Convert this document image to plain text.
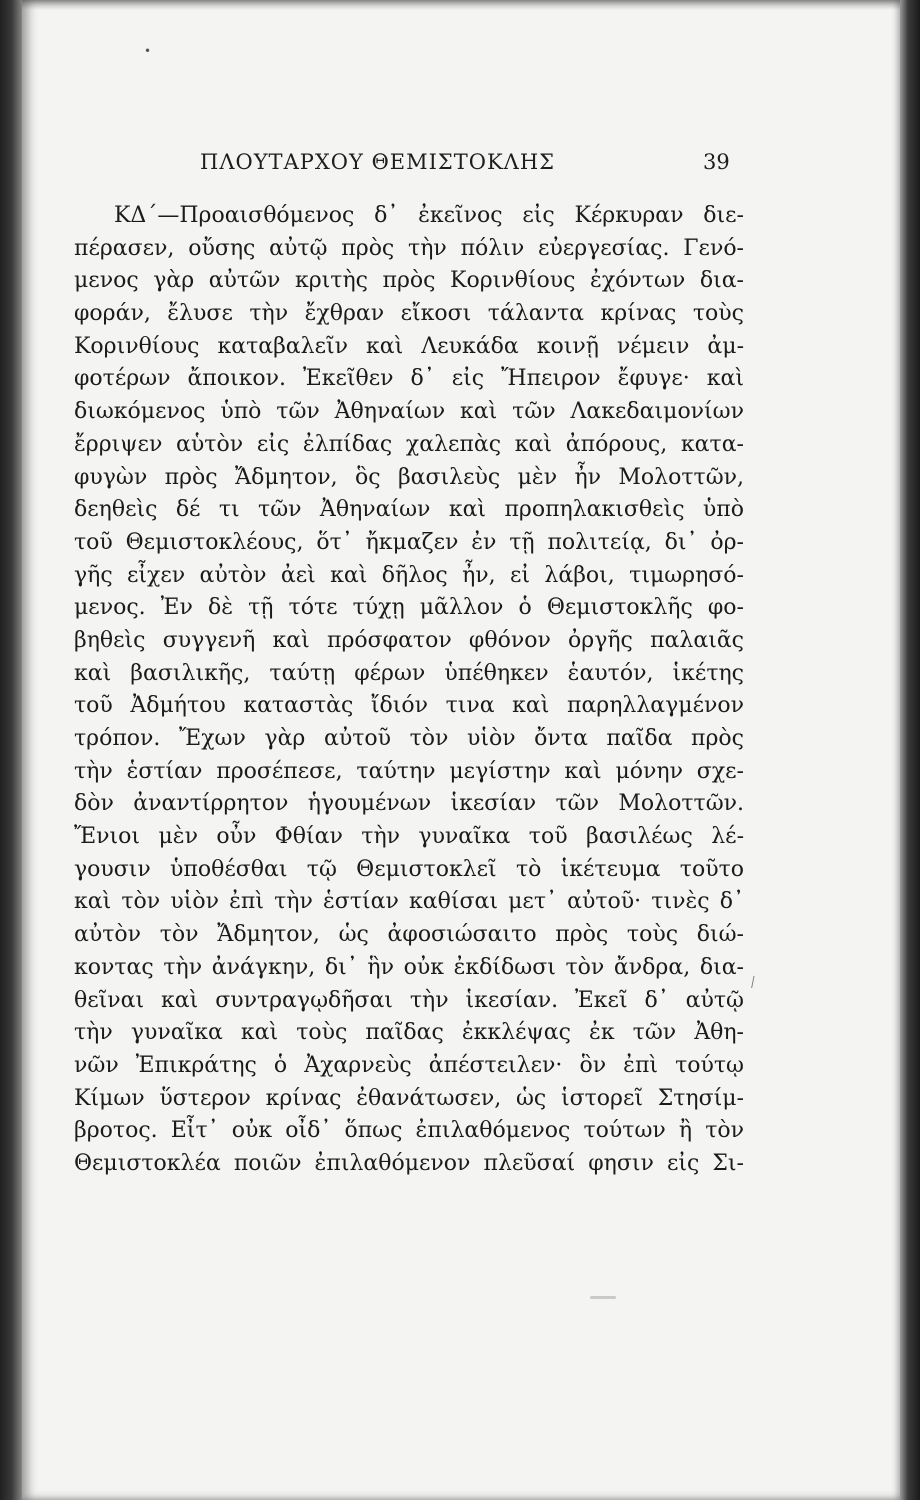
•
ΠΛΟΥΤΑΡΧΟΥ ΘΕΜΙΣΤΟΚΛΗΣ	39
ΚΔ΄—Προαισθόμενος δ᾽ ἐκεῖνος εἰς Κέρκυραν διε-
πέρασεν, οὔσης αὐτῷ πρὸς τὴν πόλιν εὐεργεσίας. Γενό-
μενος γὰρ αὐτῶν κριτὴς πρὸς Κορινθίους ἐχόντων δια-
φοράν, ἔλυσε τὴν ἔχθραν εἴκοσι τάλαντα κρίνας τοὺς
Κορινθίους καταβαλεῖν καὶ Λευκάδα κοινῇ νέμειν ἀμ-
φοτέρων ἄποικον. Ἐκεῖθεν δ᾽ εἰς Ἤπειρον ἔφυγε· καὶ
διωκόμενος ὑπὸ τῶν Ἀθηναίων καὶ τῶν Λακεδαιμονίων
ἔρριψεν αὑτὸν εἰς ἐλπίδας χαλεπὰς καὶ ἀπόρους, κατα-
φυγὼν πρὸς Ἄδμητον, ὃς βασιλεὺς μὲν ἦν Μολοττῶν,
δεηθεὶς δέ τι τῶν Ἀθηναίων καὶ προπηλακισθεὶς ὑπὸ
τοῦ Θεμιστοκλέους, ὅτ᾽ ἤκμαζεν ἐν τῇ πολιτείᾳ, δι᾽ ὀρ-
γῆς εἶχεν αὐτὸν ἀεὶ καὶ δῆλος ἦν, εἰ λάβοι, τιμωρησό-
μενος. Ἐν δὲ τῇ τότε τύχῃ μᾶλλον ὁ Θεμιστοκλῆς φο-
βηθεὶς συγγενῆ καὶ πρόσφατον φθόνον ὀργῆς παλαιᾶς
καὶ βασιλικῆς, ταύτῃ φέρων ὑπέθηκεν ἑαυτόν, ἱκέτης
τοῦ Ἀδμήτου καταστὰς ἴδιόν τινα καὶ παρηλλαγμένον
τρόπον. Ἔχων γὰρ αὐτοῦ τὸν υἱὸν ὄντα παῖδα πρὸς
τὴν ἑστίαν προσέπεσε, ταύτην μεγίστην καὶ μόνην σχε-
δὸν ἀναντίρρητον ἡγουμένων ἱκεσίαν τῶν Μολοττῶν.
Ἔνιοι μὲν οὖν Φθίαν τὴν γυναῖκα τοῦ βασιλέως λέ-
γουσιν ὑποθέσθαι τῷ Θεμιστοκλεῖ τὸ ἱκέτευμα τοῦτο
καὶ τὸν υἱὸν ἐπὶ τὴν ἑστίαν καθίσαι μετ᾽ αὐτοῦ· τινὲς δ᾽
αὐτὸν τὸν Ἄδμητον, ὡς ἀφοσιώσαιτο πρὸς τοὺς διώ-
κοντας τὴν ἀνάγκην, δι᾽ ἣν οὐκ ἐκδίδωσι τὸν ἄνδρα, δια-
θεῖναι καὶ συντραγῳδῆσαι τὴν ἱκεσίαν. Ἐκεῖ δ᾽ αὐτῷ
τὴν γυναῖκα καὶ τοὺς παῖδας ἐκκλέψας ἐκ τῶν Ἀθη-
νῶν Ἐπικράτης ὁ Ἀχαρνεὺς ἀπέστειλεν· ὃν ἐπὶ τούτῳ
Κίμων ὕστερον κρίνας ἐθανάτωσεν, ὡς ἱστορεῖ Στησίμ-
βροτος. Εἶτ᾽ οὐκ οἶδ᾽ ὅπως ἐπιλαθόμενος τούτων ἢ τὸν
Θεμιστοκλέα ποιῶν ἐπιλαθόμενον πλεῦσαί φησιν εἰς Σι-
⁄
